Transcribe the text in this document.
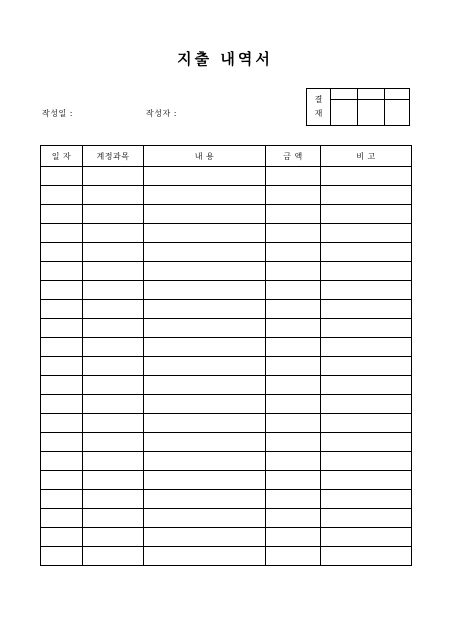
지출 내역서
작성일 :	작성자 :
결
재
일 자	계정과목	내 용	금 액	비 고
